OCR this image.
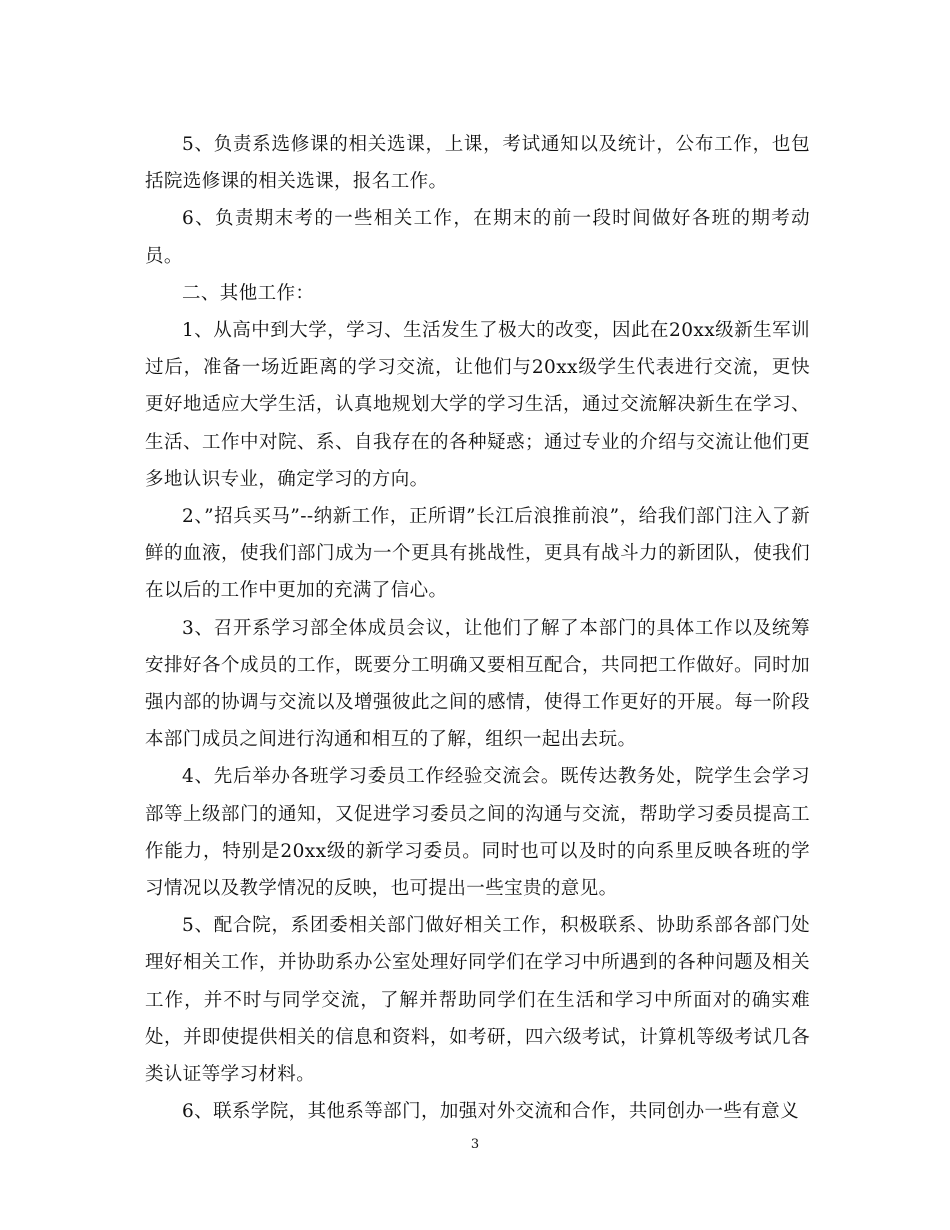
5、负责系选修课的相关选课，上课，考试通知以及统计，公布工作，也包括院选修课的相关选课，报名工作。

6、负责期末考的一些相关工作，在期末的前一段时间做好各班的期考动员。

二、其他工作：

1、从高中到大学，学习、生活发生了极大的改变，因此在20xx级新生军训过后，准备一场近距离的学习交流，让他们与20xx级学生代表进行交流，更快更好地适应大学生活，认真地规划大学的学习生活，通过交流解决新生在学习、生活、工作中对院、系、自我存在的各种疑惑；通过专业的介绍与交流让他们更多地认识专业，确定学习的方向。

2、”招兵买马”--纳新工作，正所谓”长江后浪推前浪”，给我们部门注入了新鲜的血液，使我们部门成为一个更具有挑战性，更具有战斗力的新团队，使我们在以后的工作中更加的充满了信心。

3、召开系学习部全体成员会议，让他们了解了本部门的具体工作以及统筹安排好各个成员的工作，既要分工明确又要相互配合，共同把工作做好。同时加强内部的协调与交流以及增强彼此之间的感情，使得工作更好的开展。每一阶段本部门成员之间进行沟通和相互的了解，组织一起出去玩。

4、先后举办各班学习委员工作经验交流会。既传达教务处，院学生会学习部等上级部门的通知，又促进学习委员之间的沟通与交流，帮助学习委员提高工作能力，特别是20xx级的新学习委员。同时也可以及时的向系里反映各班的学习情况以及教学情况的反映，也可提出一些宝贵的意见。

5、配合院，系团委相关部门做好相关工作，积极联系、协助系部各部门处理好相关工作，并协助系办公室处理好同学们在学习中所遇到的各种问题及相关工作，并不时与同学交流，了解并帮助同学们在生活和学习中所面对的确实难处，并即使提供相关的信息和资料，如考研，四六级考试，计算机等级考试几各类认证等学习材料。

6、联系学院，其他系等部门，加强对外交流和合作，共同创办一些有意义

3
